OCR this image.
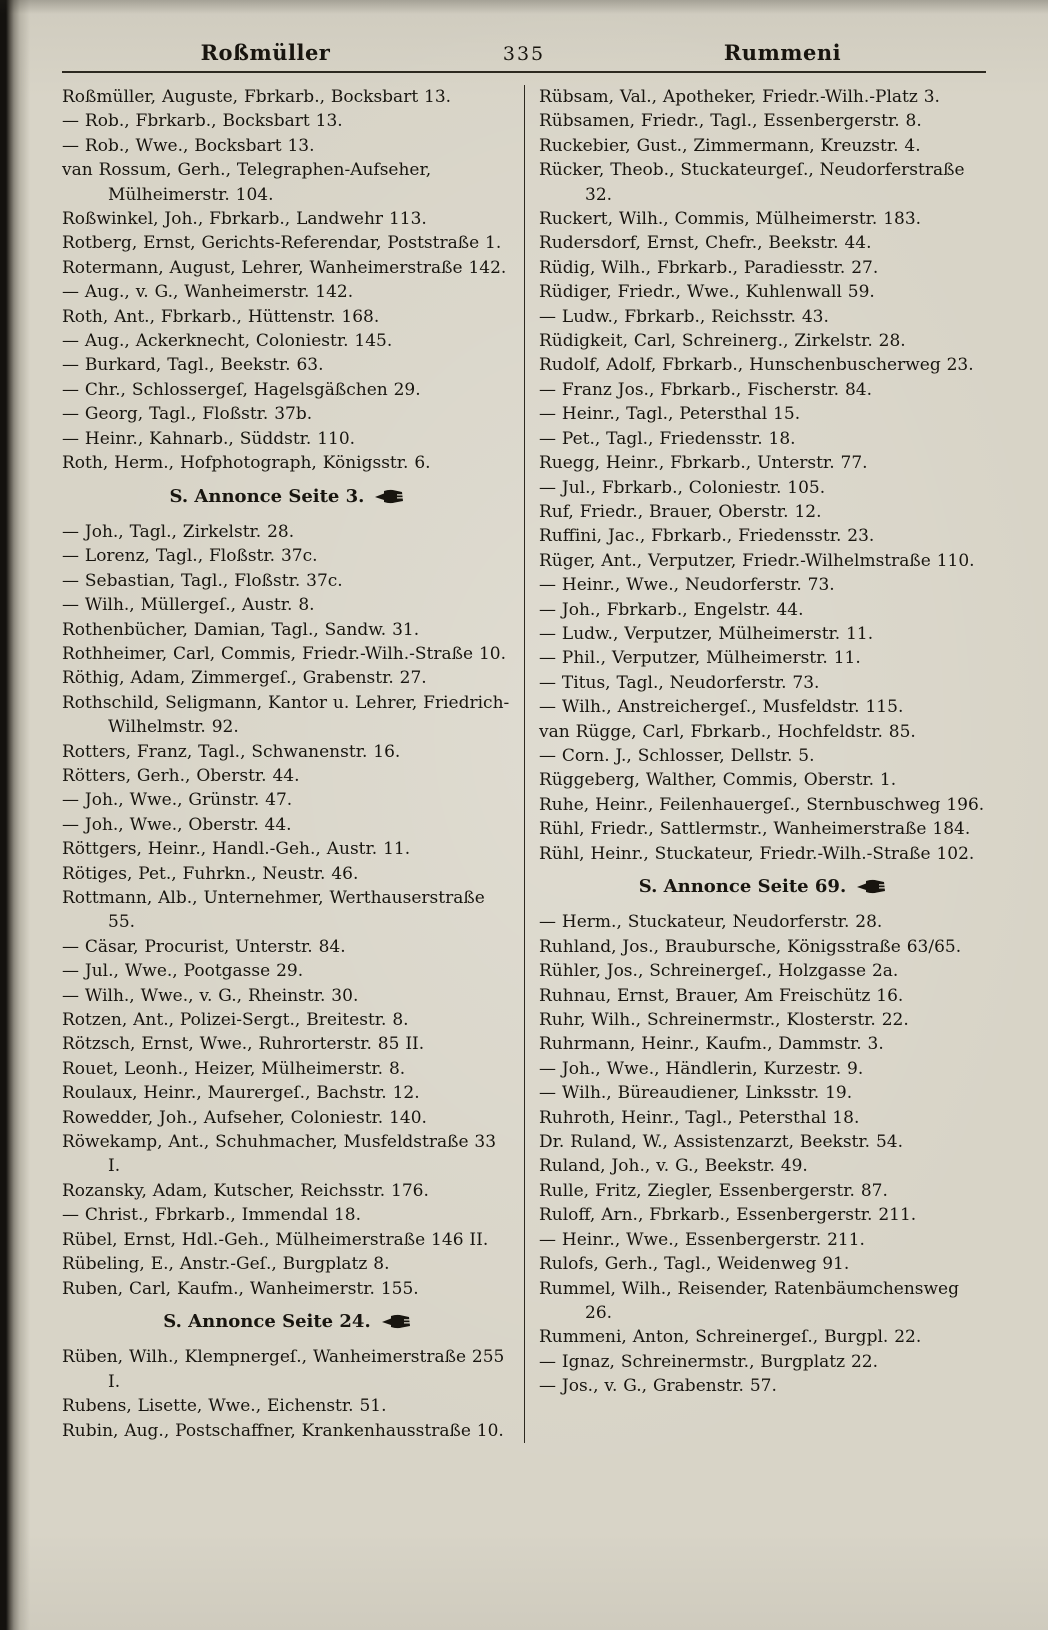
Roßmüller	335	Rummeni

Roßmüller, Auguste, Fbrkarb., Bocksbart 13.

— Rob., Fbrkarb., Bocksbart 13.

— Rob., Wwe., Bocksbart 13.

van Rossum, Gerh., Telegraphen-Aufseher, Mülheimerstr. 104.

Roßwinkel, Joh., Fbrkarb., Landwehr 113.

Rotberg, Ernst, Gerichts-Referendar, Poststraße 1.

Rotermann, August, Lehrer, Wanheimerstraße 142.

— Aug., v. G., Wanheimerstr. 142.

Roth, Ant., Fbrkarb., Hüttenstr. 168.

— Aug., Ackerknecht, Coloniestr. 145.

— Burkard, Tagl., Beekstr. 63.

— Chr., Schlossergeſ, Hagelsgäßchen 29.

— Georg, Tagl., Floßstr. 37b.

— Heinr., Kahnarb., Süddstr. 110.

Roth, Herm., Hofphotograph, Königsstr. 6.

S. Annonce Seite 3.

— Joh., Tagl., Zirkelstr. 28.

— Lorenz, Tagl., Floßstr. 37c.

— Sebastian, Tagl., Floßstr. 37c.

— Wilh., Müllergeſ., Austr. 8.

Rothenbücher, Damian, Tagl., Sandw. 31.

Rothheimer, Carl, Commis, Friedr.-Wilh.-Straße 10.

Röthig, Adam, Zimmergeſ., Grabenstr. 27.

Rothschild, Seligmann, Kantor u. Lehrer, Friedrich-Wilhelmstr. 92.

Rotters, Franz, Tagl., Schwanenstr. 16.

Rötters, Gerh., Oberstr. 44.

— Joh., Wwe., Grünstr. 47.

— Joh., Wwe., Oberstr. 44.

Röttgers, Heinr., Handl.-Geh., Austr. 11.

Rötiges, Pet., Fuhrkn., Neustr. 46.

Rottmann, Alb., Unternehmer, Werthauserstraße 55.

— Cäsar, Procurist, Unterstr. 84.

— Jul., Wwe., Pootgasse 29.

— Wilh., Wwe., v. G., Rheinstr. 30.

Rotzen, Ant., Polizei-Sergt., Breitestr. 8.

Rötzsch, Ernst, Wwe., Ruhrorterstr. 85 II.

Rouet, Leonh., Heizer, Mülheimerstr. 8.

Roulaux, Heinr., Maurergeſ., Bachstr. 12.

Rowedder, Joh., Aufseher, Coloniestr. 140.

Röwekamp, Ant., Schuhmacher, Musfeldstraße 33 I.

Rozansky, Adam, Kutscher, Reichsstr. 176.

— Christ., Fbrkarb., Immendal 18.

Rübel, Ernst, Hdl.-Geh., Mülheimerstraße 146 II.

Rübeling, E., Anstr.-Geſ., Burgplatz 8.

Ruben, Carl, Kaufm., Wanheimerstr. 155.

S. Annonce Seite 24.

Rüben, Wilh., Klempnergeſ., Wanheimerstraße 255 I.

Rubens, Lisette, Wwe., Eichenstr. 51.

Rubin, Aug., Postschaffner, Krankenhausstraße 10.

Rübsam, Val., Apotheker, Friedr.-Wilh.-Platz 3.

Rübsamen, Friedr., Tagl., Essenbergerstr. 8.

Ruckebier, Gust., Zimmermann, Kreuzstr. 4.

Rücker, Theob., Stuckateurgeſ., Neudorferstraße 32.

Ruckert, Wilh., Commis, Mülheimerstr. 183.

Rudersdorf, Ernst, Chefr., Beekstr. 44.

Rüdig, Wilh., Fbrkarb., Paradiesstr. 27.

Rüdiger, Friedr., Wwe., Kuhlenwall 59.

— Ludw., Fbrkarb., Reichsstr. 43.

Rüdigkeit, Carl, Schreinerg., Zirkelstr. 28.

Rudolf, Adolf, Fbrkarb., Hunschenbuscherweg 23.

— Franz Jos., Fbrkarb., Fischerstr. 84.

— Heinr., Tagl., Petersthal 15.

— Pet., Tagl., Friedensstr. 18.

Ruegg, Heinr., Fbrkarb., Unterstr. 77.

— Jul., Fbrkarb., Coloniestr. 105.

Ruf, Friedr., Brauer, Oberstr. 12.

Ruffini, Jac., Fbrkarb., Friedensstr. 23.

Rüger, Ant., Verputzer, Friedr.-Wilhelmstraße 110.

— Heinr., Wwe., Neudorferstr. 73.

— Joh., Fbrkarb., Engelstr. 44.

— Ludw., Verputzer, Mülheimerstr. 11.

— Phil., Verputzer, Mülheimerstr. 11.

— Titus, Tagl., Neudorferstr. 73.

— Wilh., Anstreichergeſ., Musfeldstr. 115.

van Rügge, Carl, Fbrkarb., Hochfeldstr. 85.

— Corn. J., Schlosser, Dellstr. 5.

Rüggeberg, Walther, Commis, Oberstr. 1.

Ruhe, Heinr., Feilenhauergeſ., Sternbuschweg 196.

Rühl, Friedr., Sattlermstr., Wanheimerstraße 184.

Rühl, Heinr., Stuckateur, Friedr.-Wilh.-Straße 102.

S. Annonce Seite 69.

— Herm., Stuckateur, Neudorferstr. 28.

Ruhland, Jos., Braubursche, Königsstraße 63/65.

Rühler, Jos., Schreinergeſ., Holzgasse 2a.

Ruhnau, Ernst, Brauer, Am Freischütz 16.

Ruhr, Wilh., Schreinermstr., Klosterstr. 22.

Ruhrmann, Heinr., Kaufm., Dammstr. 3.

— Joh., Wwe., Händlerin, Kurzestr. 9.

— Wilh., Büreaudiener, Linksstr. 19.

Ruhroth, Heinr., Tagl., Petersthal 18.

Dr. Ruland, W., Assistenzarzt, Beekstr. 54.

Ruland, Joh., v. G., Beekstr. 49.

Rulle, Fritz, Ziegler, Essenbergerstr. 87.

Ruloff, Arn., Fbrkarb., Essenbergerstr. 211.

— Heinr., Wwe., Essenbergerstr. 211.

Rulofs, Gerh., Tagl., Weidenweg 91.

Rummel, Wilh., Reisender, Ratenbäumchensweg 26.

Rummeni, Anton, Schreinergeſ., Burgpl. 22.

— Ignaz, Schreinermstr., Burgplatz 22.

— Jos., v. G., Grabenstr. 57.
